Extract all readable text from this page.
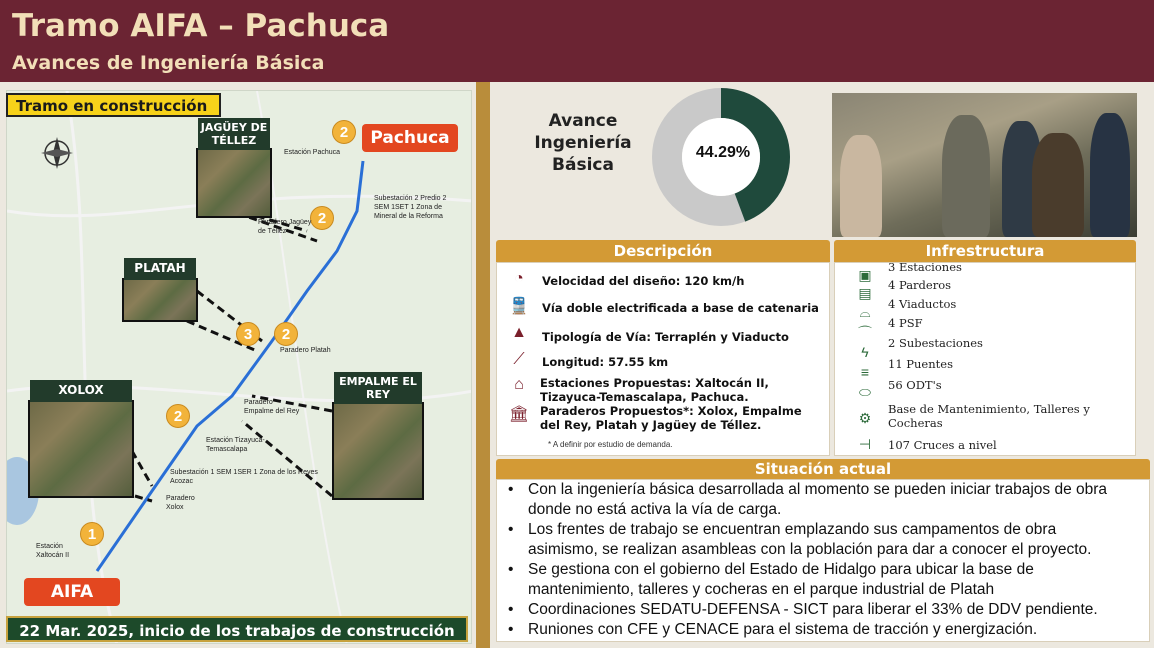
Tramo AIFA – Pachuca
Avances de Ingeniería Básica
Tramo en construcción
Pachuca
AIFA
JAGÜEY DE TÉLLEZ
PLATAH
XOLOX
EMPALME EL REY
2
2
3	2
2
1
Estación Pachuca
Subestación 2 Predio 2 SEM 1SET 1 Zona de Mineral de la Reforma
Paradero Jagüey de Téllez
Paradero Platah
Paradero Empalme del Rey
Estación Tizayuca-Temascalapa
Subestación 1 SEM 1SER 1 Zona de los Reyes Acozac
Paradero Xolox
Estación Xaltocán II
22 Mar. 2025, inicio de los trabajos de construcción
Avance Ingeniería Básica
44.29%
Descripción
◔	Velocidad del diseño: 120 km/h
🚆 Vía doble electrificada a base de catenaria
▲ Tipología de Vía: Terraplén y Viaducto
⟋	Longitud: 57.55 km
⌂	Estaciones Propuestas: Xaltocán II, Tizayuca-Temascalapa, Pachuca.
🏛 Paraderos Propuestos*: Xolox, Empalme del Rey, Platah y Jagüey de Téllez.
* A definir por estudio de demanda.
Infrestructura
▣	3 Estaciones
▤	4 Parderos
⌓	4 Viaductos
⌒
4 PSF
ϟ
2 Subestaciones
≡	11 Puentes
⬭	56 ODT's
⚙
Base de Mantenimiento, Talleres y Cocheras
⊣	107 Cruces a nivel
Situación actual
• Con la ingeniería básica desarrollada al momento se pueden iniciar trabajos de obra donde no está activa la vía de carga.
• Los frentes de trabajo se encuentran emplazando sus campamentos de obra asimismo, se realizan asambleas con la población para dar a conocer el proyecto.
• Se gestiona con el gobierno del Estado de Hidalgo para ubicar la base de mantenimiento, talleres y cocheras en el parque industrial de Platah
• Coordinaciones SEDATU-DEFENSA - SICT para liberar el 33% de DDV pendiente.
• Runiones con CFE y CENACE para el sistema de tracción y energización.
